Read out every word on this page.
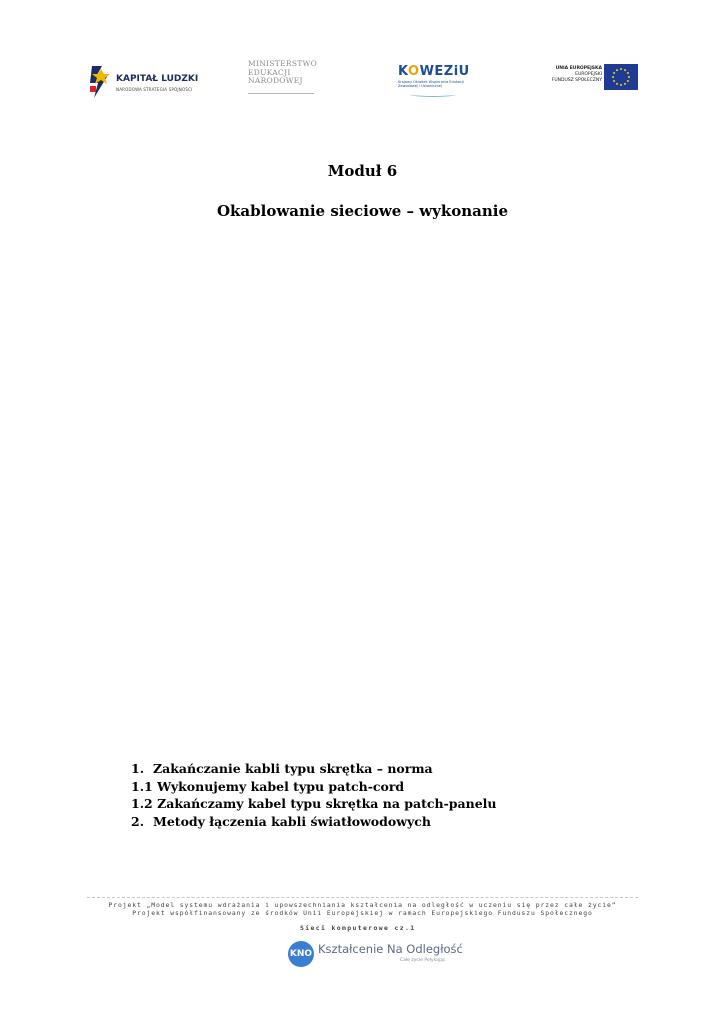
KAPITAŁ LUDZKI
NARODOWA STRATEGIA SPÓJNOŚCI
MINISTERSTWO
EDUKACJI
NARODOWEJ
KOWEZiU
Krajowy Ośrodek Wspierania Edukacji Zawodowej i Ustawicznej
UNIA EUROPEJSKA
EUROPEJSKI
FUNDUSZ SPOŁECZNY
Moduł 6
Okablowanie sieciowe – wykonanie
1. Zakańczanie kabli typu skrętka – norma
1.1 Wykonujemy kabel typu patch-cord
1.2 Zakańczamy kabel typu skrętka na patch-panelu
2. Metody łączenia kabli światłowodowych
Projekt „Model systemu wdrażania i upowszechniania kształcenia na odległość w uczeniu się przez całe życie”
Projekt współfinansowany ze środków Unii Europejskiej w ramach Europejskiego Funduszu Społecznego
Sieci komputerowe cz.1
KNO Kształcenie Na Odległość
Całe życie Połykając
